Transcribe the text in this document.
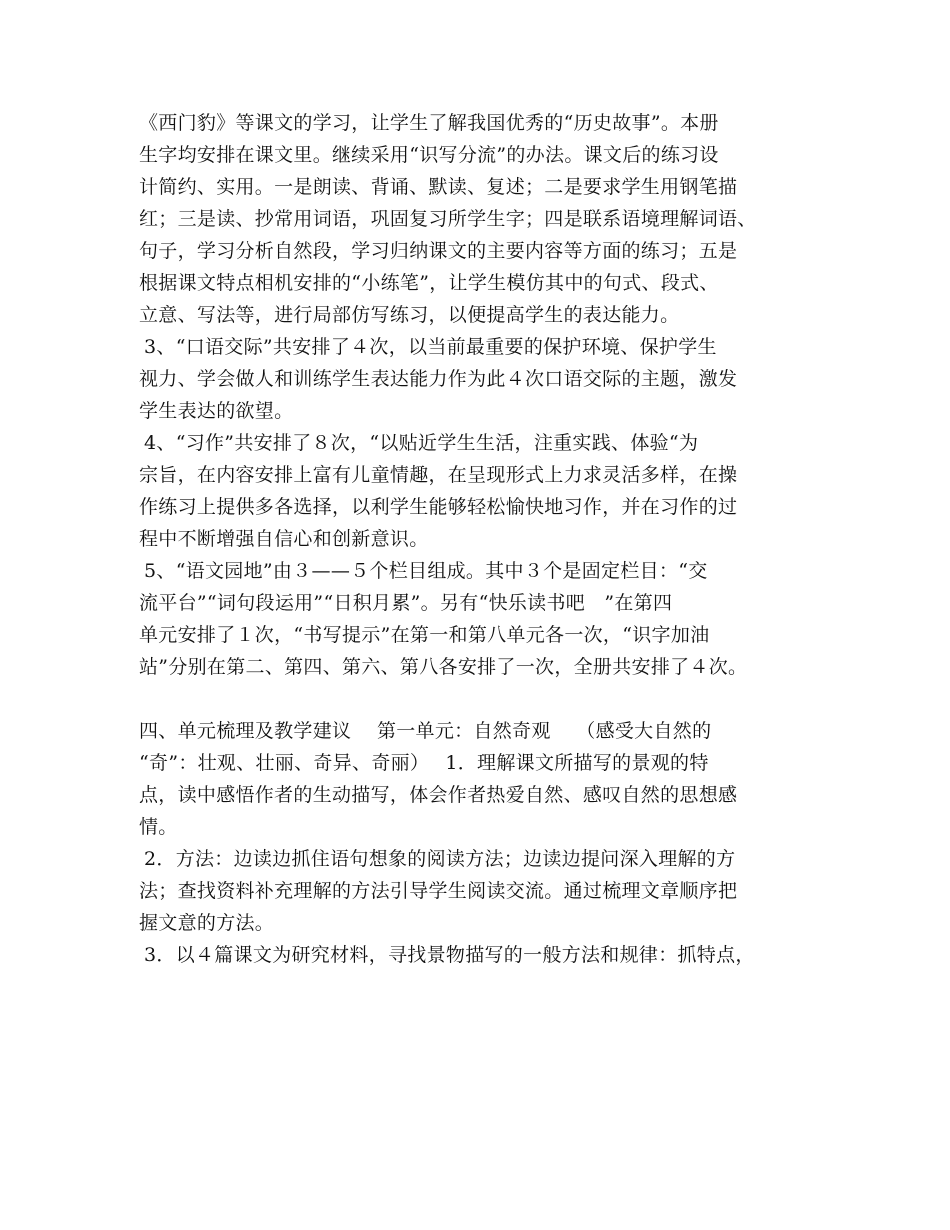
《西门豹》等课文的学习，让学生了解我国优秀的“历史故事”。本册
生字均安排在课文里。继续采用“识写分流”的办法。课文后的练习设
计简约、实用。一是朗读、背诵、默读、复述；二是要求学生用钢笔描
红；三是读、抄常用词语，巩固复习所学生字；四是联系语境理解词语、
句子，学习分析自然段，学习归纳课文的主要内容等方面的练习；五是
根据课文特点相机安排的“小练笔”，让学生模仿其中的句式、段式、
立意、写法等，进行局部仿写练习，以便提高学生的表达能力。
3、“口语交际”共安排了４次，以当前最重要的保护环境、保护学生
视力、学会做人和训练学生表达能力作为此４次口语交际的主题，激发
学生表达的欲望。
4、“习作”共安排了８次，“以贴近学生生活，注重实践、体验“为
宗旨，在内容安排上富有儿童情趣，在呈现形式上力求灵活多样，在操
作练习上提供多各选择，以利学生能够轻松愉快地习作，并在习作的过
程中不断增强自信心和创新意识。
5、“语文园地”由３——５个栏目组成。其中３个是固定栏目：“交
流平台”“词句段运用”“日积月累”。另有“快乐读书吧　”在第四
单元安排了１次，“书写提示”在第一和第八单元各一次，“识字加油
站”分别在第二、第四、第六、第八各安排了一次，全册共安排了４次。
四、单元梳理及教学建议　 第一单元：自然奇观　 （感受大自然的
“奇”：壮观、壮丽、奇异、奇丽）　 1．理解课文所描写的景观的特
点，读中感悟作者的生动描写，体会作者热爱自然、感叹自然的思想感
情。
2．方法：边读边抓住语句想象的阅读方法；边读边提问深入理解的方
法；查找资料补充理解的方法引导学生阅读交流。通过梳理文章顺序把
握文意的方法。
3．以４篇课文为研究材料，寻找景物描写的一般方法和规律：抓特点，
